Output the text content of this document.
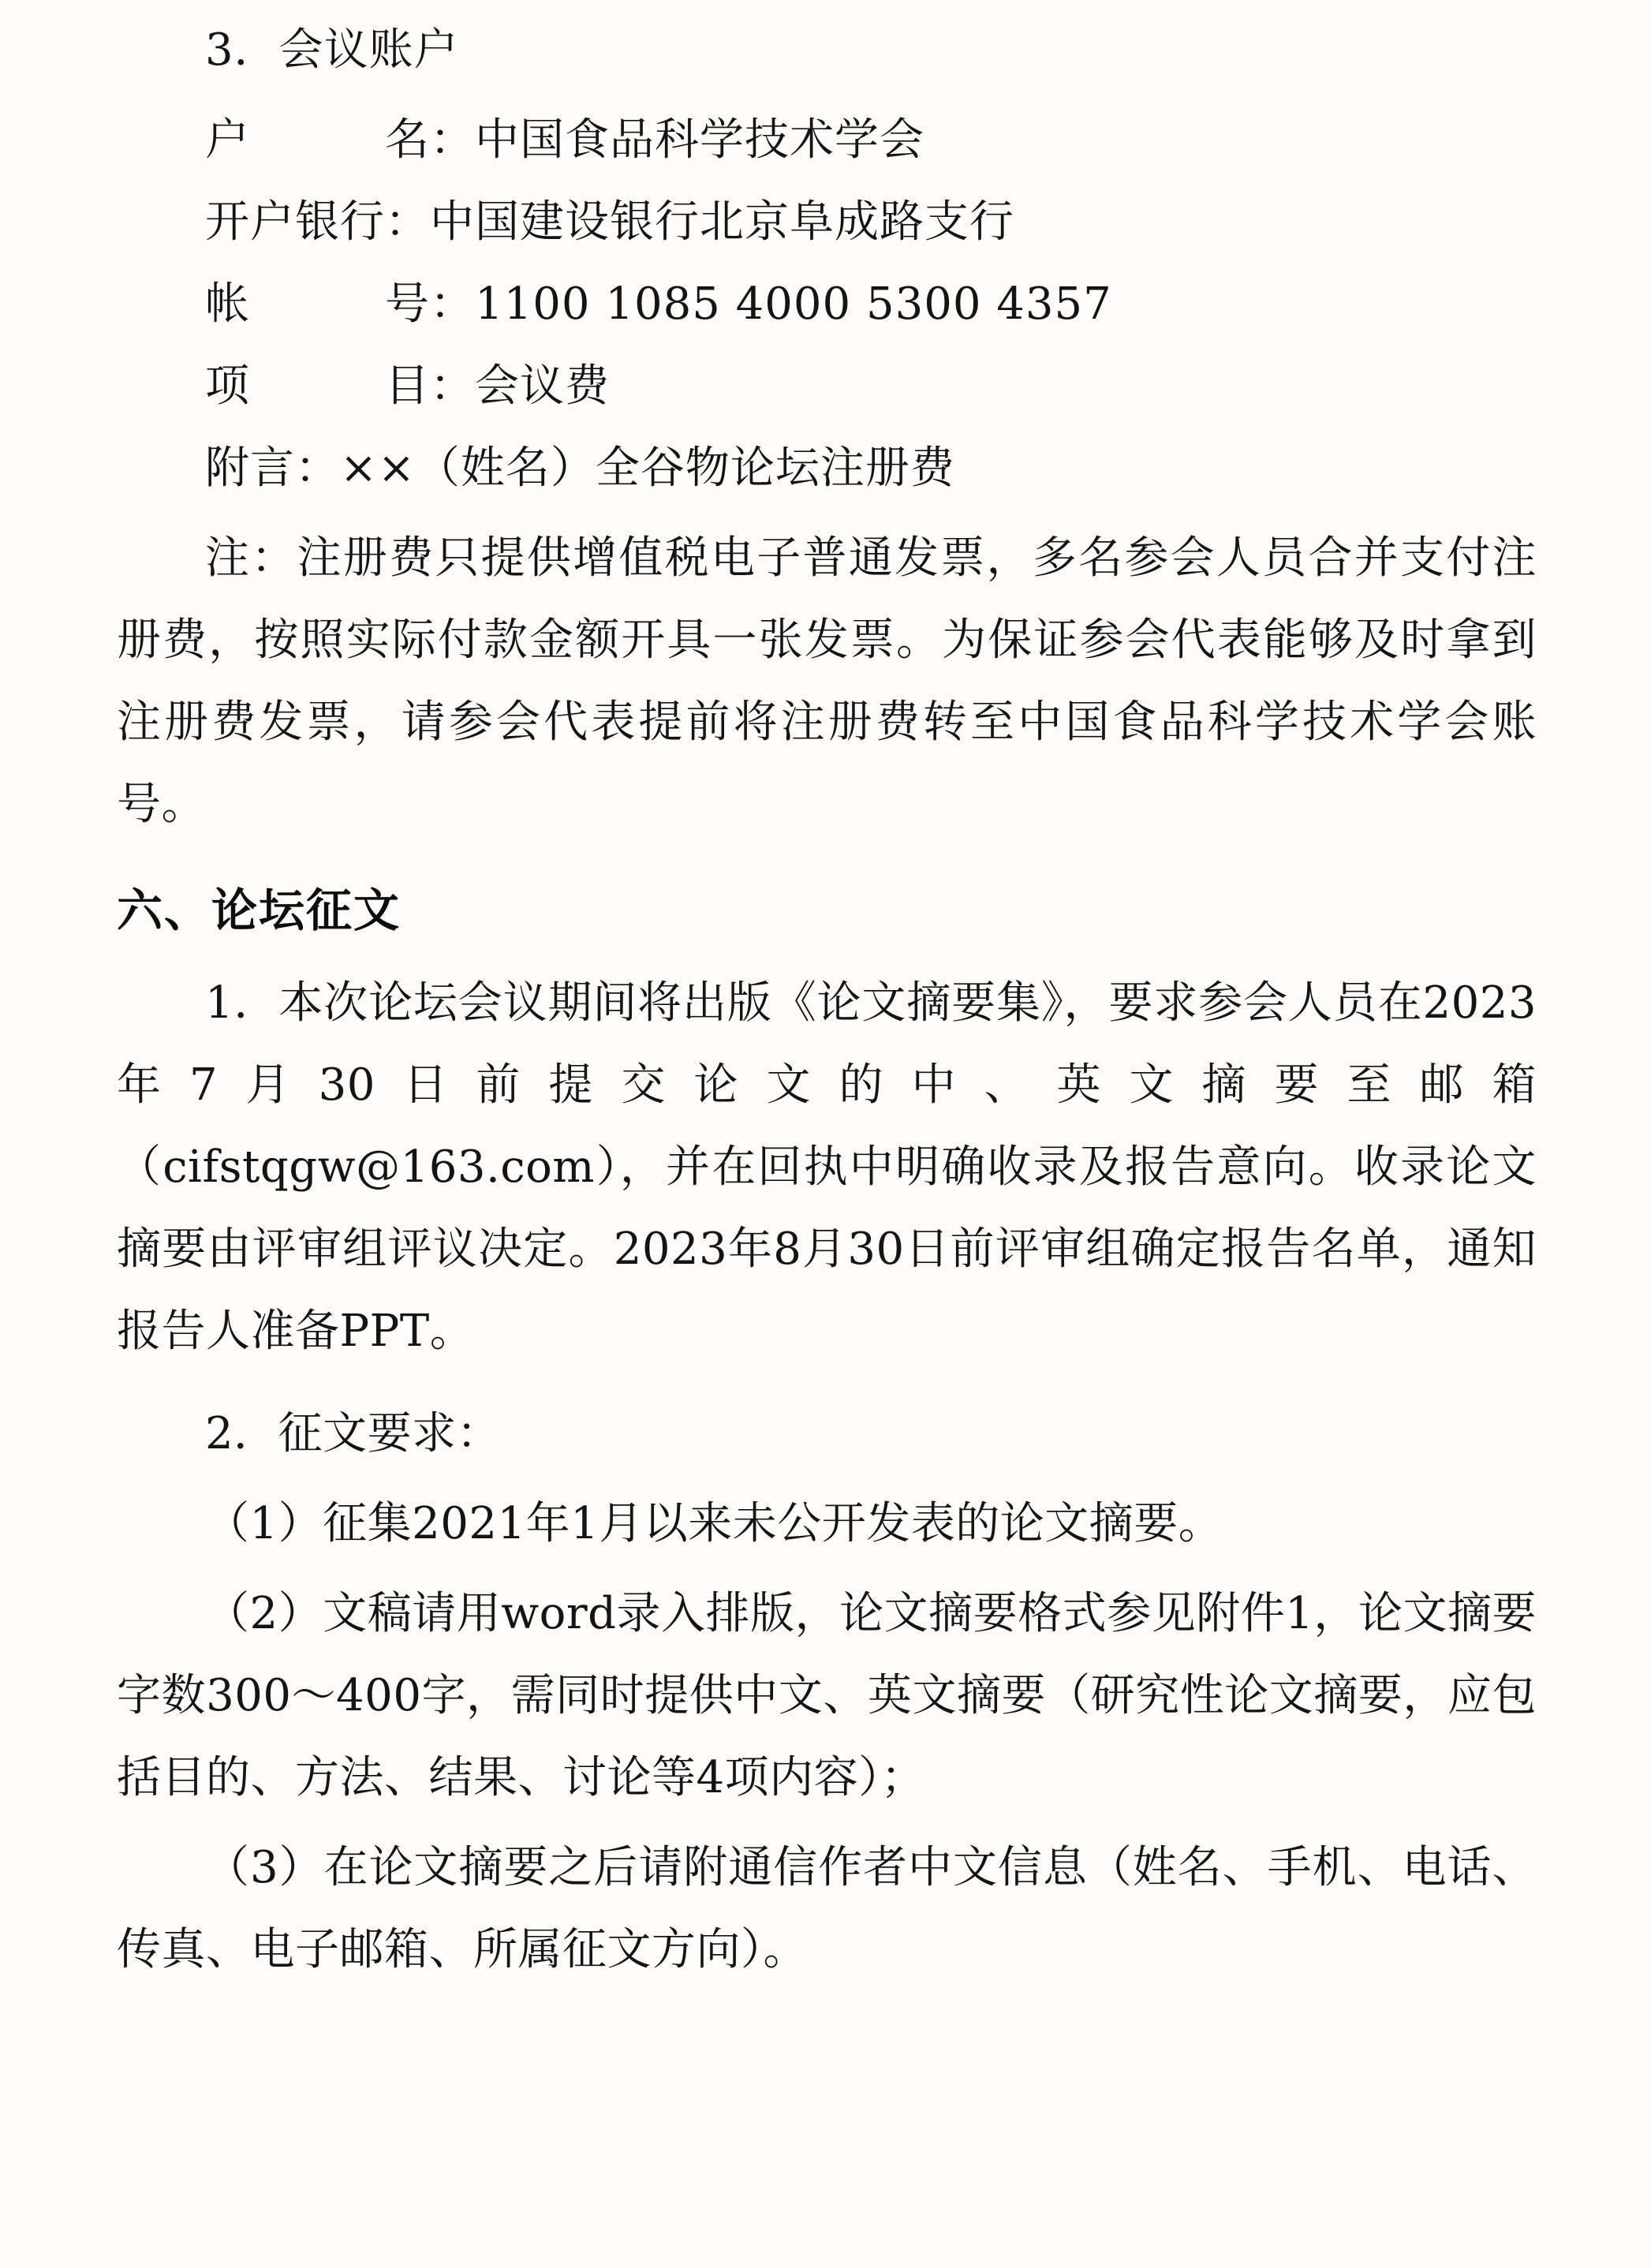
3．会议账户
户　　　名：中国食品科学技术学会
开户银行：中国建设银行北京阜成路支行
帐　　　号：1100 1085 4000 5300 4357
项　　　目：会议费
附言：××（姓名）全谷物论坛注册费
注：注册费只提供增值税电子普通发票，多名参会人员合并支付注册费，按照实际付款金额开具一张发票。为保证参会代表能够及时拿到注册费发票，请参会代表提前将注册费转至中国食品科学技术学会账号。
六、论坛征文
1．本次论坛会议期间将出版《论文摘要集》，要求参会人员在2023年7月30日前提交论文的中、英文摘要至邮箱（cifstqgw@163.com），并在回执中明确收录及报告意向。收录论文摘要由评审组评议决定。2023年8月30日前评审组确定报告名单，通知报告人准备PPT。
2．征文要求：
（1）征集2021年1月以来未公开发表的论文摘要。
（2）文稿请用word录入排版，论文摘要格式参见附件1，论文摘要字数300～400字，需同时提供中文、英文摘要（研究性论文摘要，应包括目的、方法、结果、讨论等4项内容）；
（3）在论文摘要之后请附通信作者中文信息（姓名、手机、电话、传真、电子邮箱、所属征文方向）。
